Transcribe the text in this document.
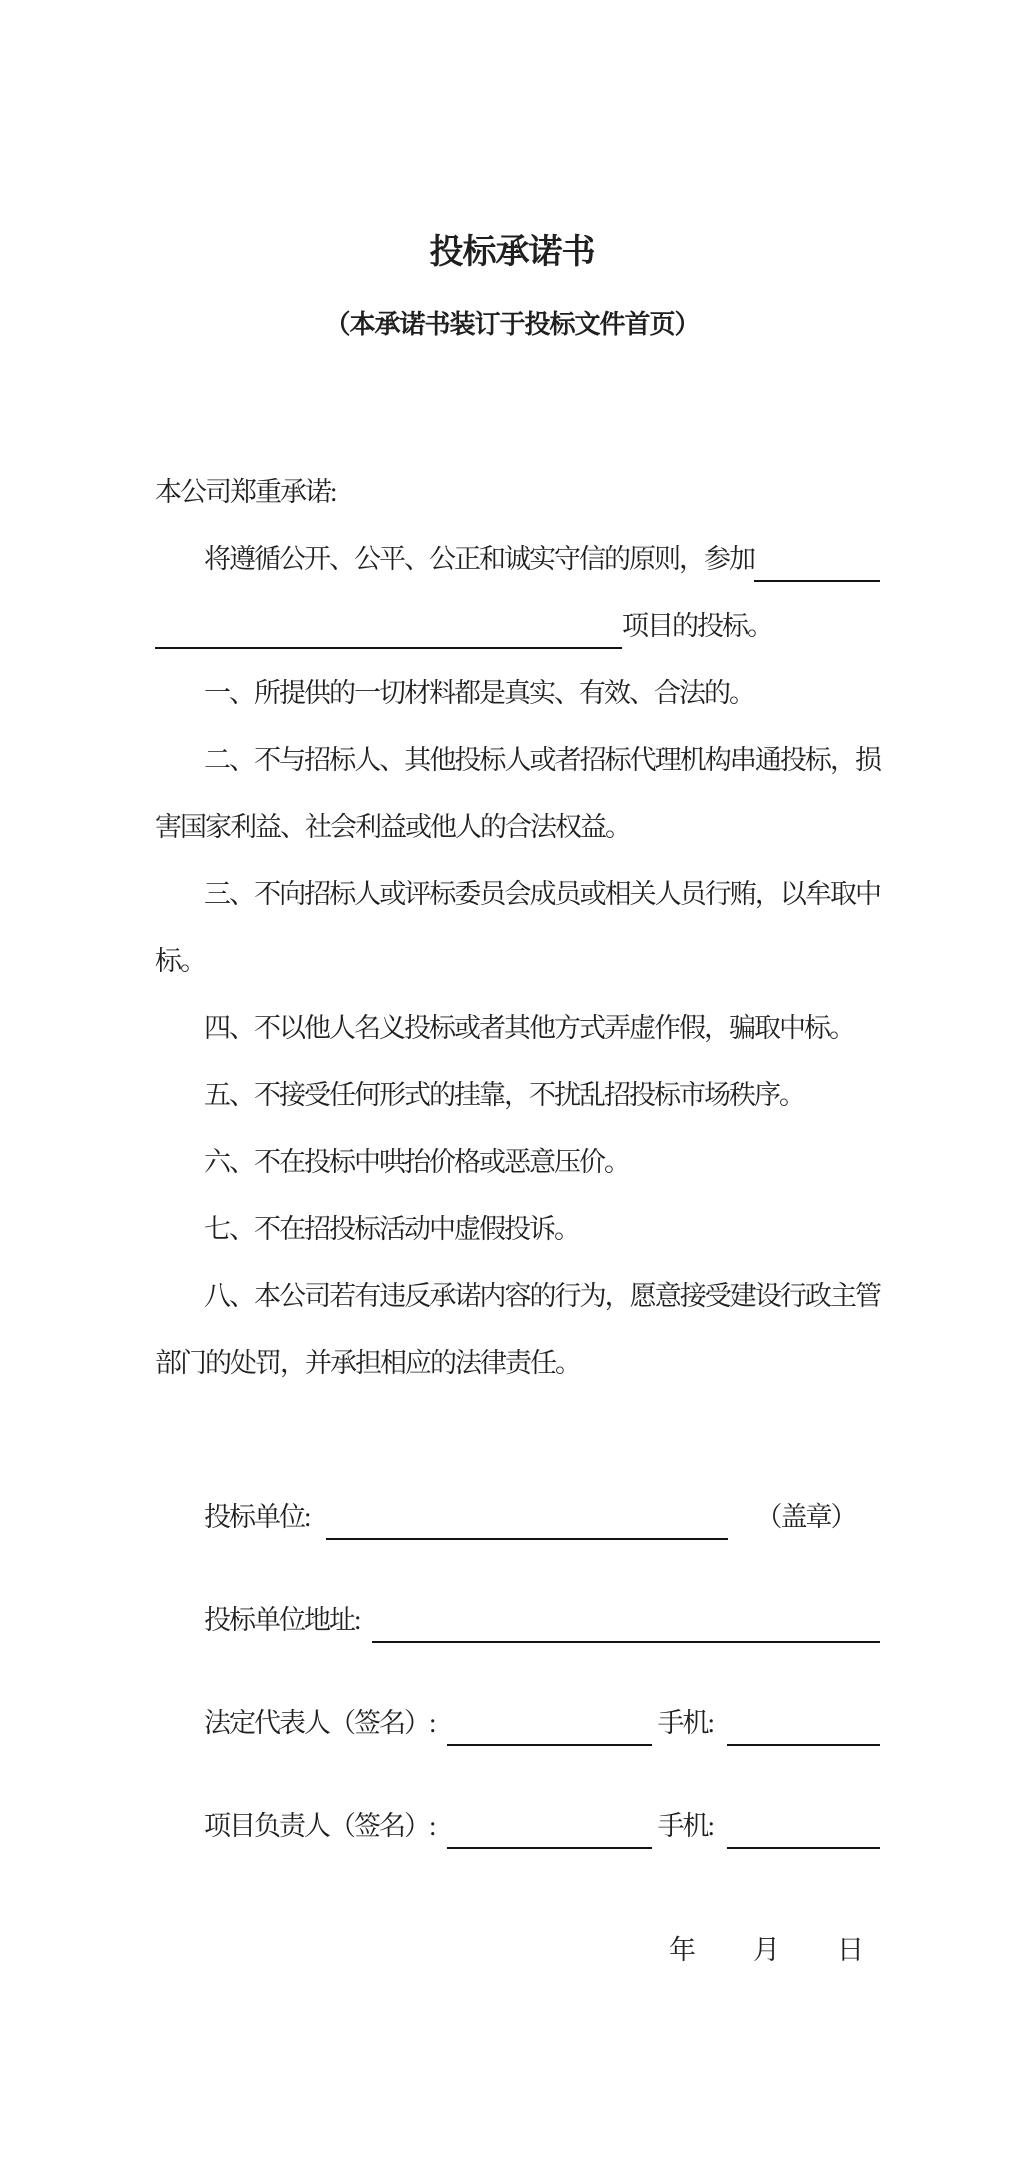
投标承诺书
（本承诺书装订于投标文件首页）

本公司郑重承诺:

将遵循公开、公平、公正和诚实守信的原则，参加
项目的投标。

一、所提供的一切材料都是真实、有效、合法的。

二、不与招标人、其他投标人或者招标代理机构串通投标，损害国家利益、社会利益或他人的合法权益。

三、不向招标人或评标委员会成员或相关人员行贿，以牟取中标。

四、不以他人名义投标或者其他方式弄虚作假，骗取中标。

五、不接受任何形式的挂靠，不扰乱招投标市场秩序。

六、不在投标中哄抬价格或恶意压价。

七、不在招投标活动中虚假投诉。

八、本公司若有违反承诺内容的行为，愿意接受建设行政主管部门的处罚，并承担相应的法律责任。

投标单位:	（盖章）
投标单位地址:
法定代表人（签名）:	手机:
项目负责人（签名）:	手机:
年 月 日
